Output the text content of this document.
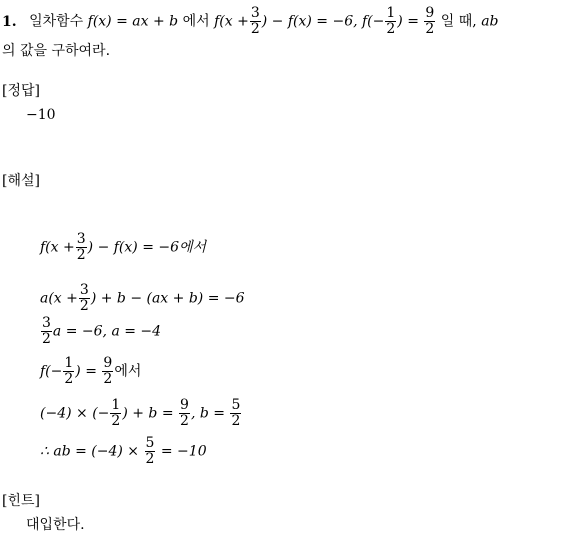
1. 일차함수 f(x) = ax + b 에서 $f(x + \frac{3}{2}$ ) − f(x) = −6, $f(- \frac{1}{2}$ ) = $\frac{9}{2}$ 일 때, ab
의 값을 구하여라.
[정답]
−10
[해설]
$f(x + \frac{3}{2}$ ) − f(x) = −6에서
$a(x + \frac{3}{2}$ ) + b − (ax + b) = −6
$\frac{3}{2}$ a = −6, a = −4
$f(- \frac{1}{2}$ ) = $\frac{9}{2}$ 에서
(−4) × (− $\frac{1}{2}$ ) + $b = \frac{9}{2}$ , $b = \frac{5}{2}$
∴ ab = $(-4) \times \frac{5}{2} = -10$
[힌트]
대입한다.
